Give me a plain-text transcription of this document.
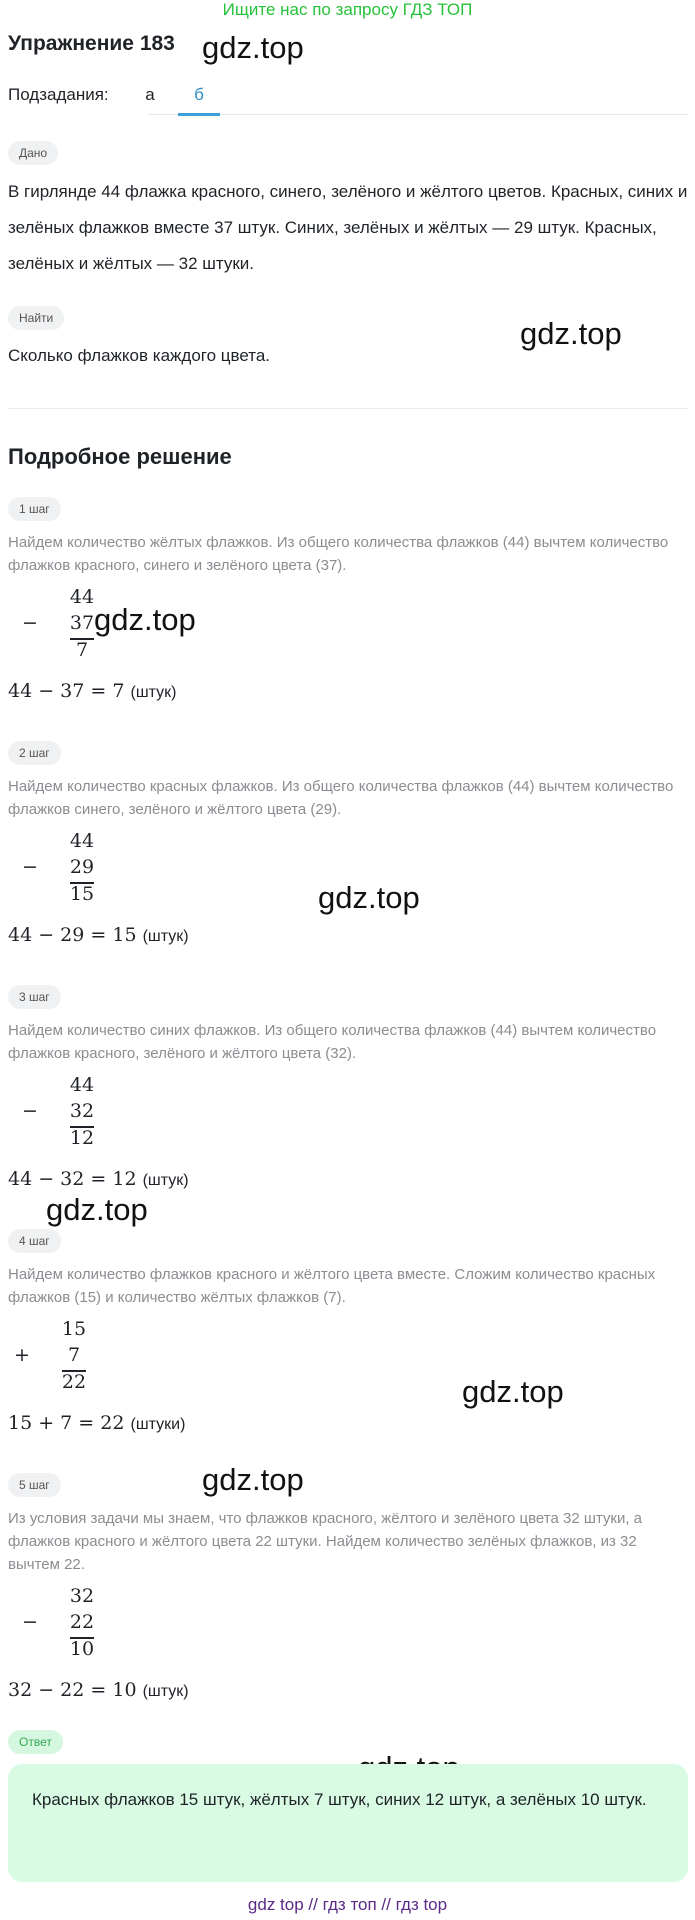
Ищите нас по запросу ГДЗ ТОП
Упражнение 183 gdz.top
gdz.top
gdz.top
gdz.top
gdz.top
gdz.top
gdz.top
Подзадания:	а	б
Дано
В гирлянде 44 флажка красного, синего, зелёного и жёлтого цветов. Красных, синих и зелёных флажков вместе 37 штук. Синих, зелёных и жёлтых — 29 штук. Красных, зелёных и жёлтых — 32 штуки.
Найти
Сколько флажков каждого цвета.
Подробное решение
1 шаг
Найдем количество жёлтых флажков. Из общего количества флажков (44) вычтем количество флажков красного, синего и зелёного цвета (37).
−
44
37
7
44 − 37 = 7 (штук)
2 шаг
Найдем количество красных флажков. Из общего количества флажков (44) вычтем количество флажков синего, зелёного и жёлтого цвета (29).
−
44
29
15
44 − 29 = 15 (штук)
3 шаг
Найдем количество синих флажков. Из общего количества флажков (44) вычтем количество флажков красного, зелёного и жёлтого цвета (32).
−
44
32
12
44 − 32 = 12 (штук)
4 шаг
Найдем количество флажков красного и жёлтого цвета вместе. Сложим количество красных флажков (15) и количество жёлтых флажков (7).
+
15
7
22
15 + 7 = 22 (штуки)
5 шаг
Из условия задачи мы знаем, что флажков красного, жёлтого и зелёного цвета 32 штуки, а флажков красного и жёлтого цвета 22 штуки. Найдем количество зелёных флажков, из 32 вычтем 22.
−
32
22
10
32 − 22 = 10 (штук)
Ответ
Красных флажков 15 штук, жёлтых 7 штук, синих 12 штук, а зелёных 10 штук.
gdz top // гдз топ // гдз top
